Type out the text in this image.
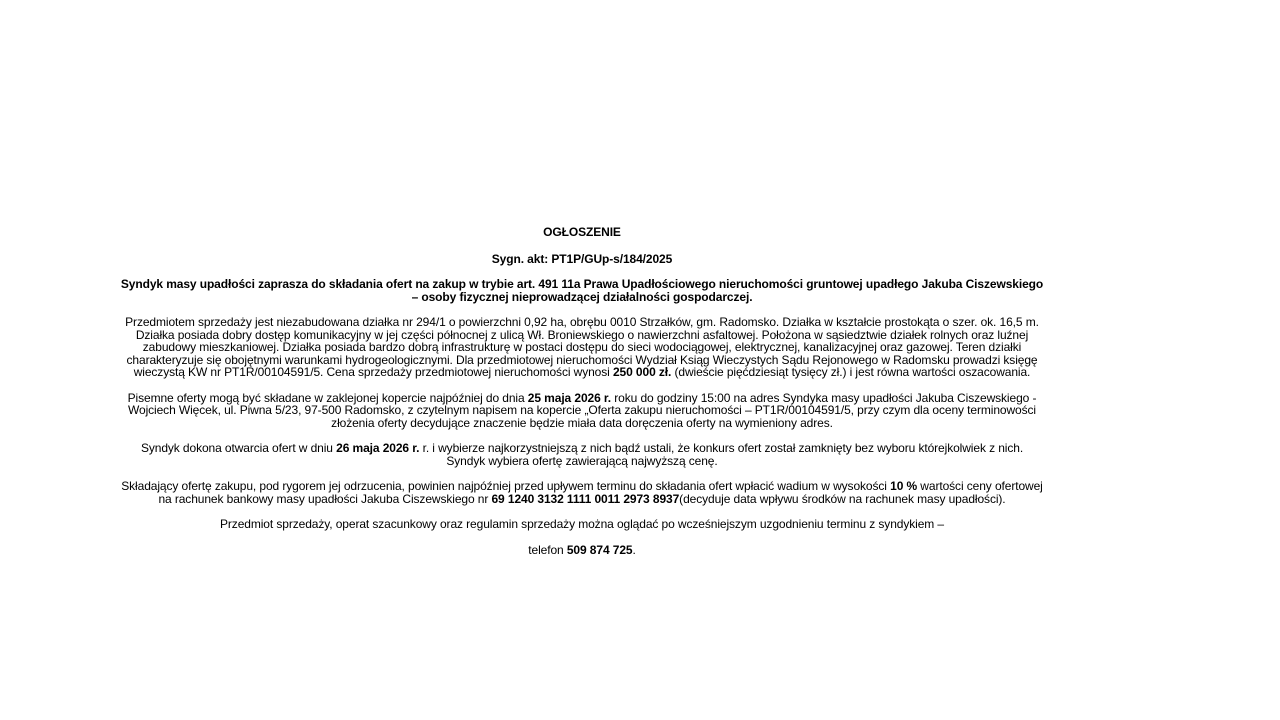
OGŁOSZENIE

Sygn. akt: PT1P/GUp-s/184/2025

Syndyk masy upadłości zaprasza do składania ofert na zakup w trybie art. 491 11a Prawa Upadłościowego nieruchomości gruntowej upadłego Jakuba Ciszewskiego – osoby fizycznej nieprowadzącej działalności gospodarczej.

Przedmiotem sprzedaży jest niezabudowana działka nr 294/1 o powierzchni 0,92 ha, obrębu 0010 Strzałków, gm. Radomsko. Działka w kształcie prostokąta o szer. ok. 16,5 m. Działka posiada dobry dostęp komunikacyjny w jej części północnej z ulicą Wł. Broniewskiego o nawierzchni asfaltowej. Położona w sąsiedztwie działek rolnych oraz luźnej zabudowy mieszkaniowej. Działka posiada bardzo dobrą infrastrukturę w postaci dostępu do sieci wodociągowej, elektrycznej, kanalizacyjnej oraz gazowej. Teren działki charakteryzuje się obojętnymi warunkami hydrogeologicznymi. Dla przedmiotowej nieruchomości Wydział Ksiąg Wieczystych Sądu Rejonowego w Radomsku prowadzi księgę wieczystą KW nr PT1R/00104591/5. Cena sprzedaży przedmiotowej nieruchomości wynosi 250 000 zł. (dwieście pięćdziesiąt tysięcy zł.) i jest równa wartości oszacowania.

Pisemne oferty mogą być składane w zaklejonej kopercie najpóźniej do dnia 25 maja 2026 r. roku do godziny 15:00 na adres Syndyka masy upadłości Jakuba Ciszewskiego - Wojciech Więcek, ul. Piwna 5/23, 97-500 Radomsko, z czytelnym napisem na kopercie „Oferta zakupu nieruchomości – PT1R/00104591/5, przy czym dla oceny terminowości złożenia oferty decydujące znaczenie będzie miała data doręczenia oferty na wymieniony adres.

Syndyk dokona otwarcia ofert w dniu 26 maja 2026 r. r. i wybierze najkorzystniejszą z nich bądź ustali, że konkurs ofert został zamknięty bez wyboru którejkolwiek z nich. Syndyk wybiera ofertę zawierającą najwyższą cenę.

Składający ofertę zakupu, pod rygorem jej odrzucenia, powinien najpóźniej przed upływem terminu do składania ofert wpłacić wadium w wysokości 10 % wartości ceny ofertowej na rachunek bankowy masy upadłości Jakuba Ciszewskiego nr 69 1240 3132 1111 0011 2973 8937(decyduje data wpływu środków na rachunek masy upadłości).

Przedmiot sprzedaży, operat szacunkowy oraz regulamin sprzedaży można oglądać po wcześniejszym uzgodnieniu terminu z syndykiem –

telefon 509 874 725.
